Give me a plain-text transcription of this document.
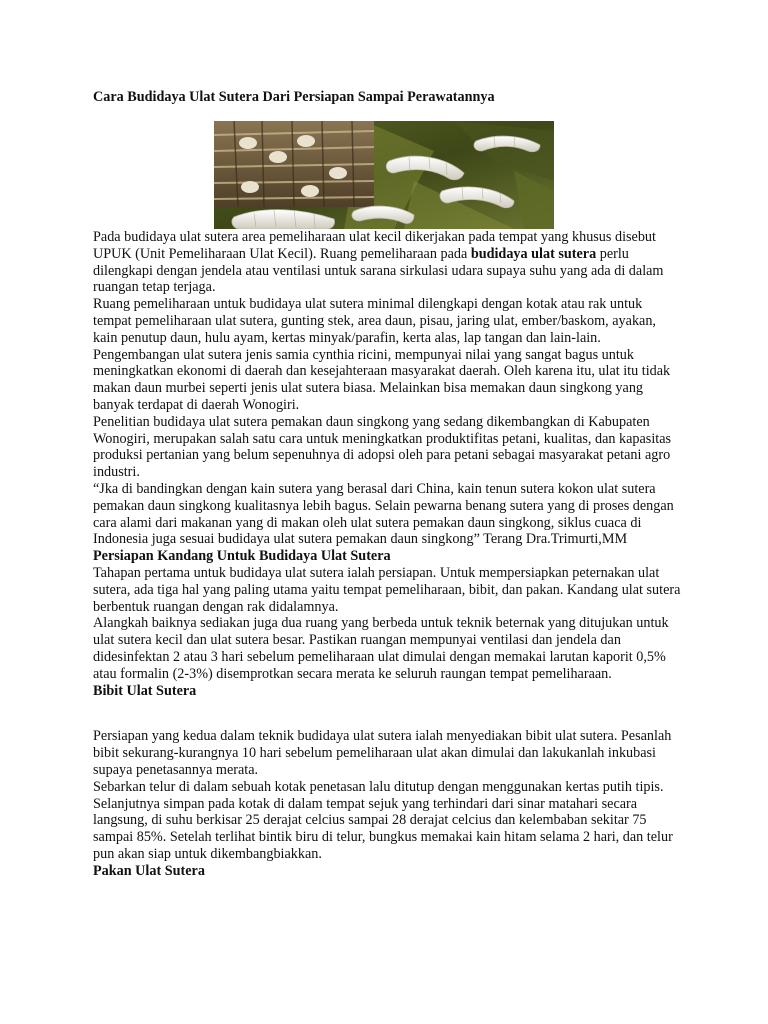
Cara Budidaya Ulat Sutera Dari Persiapan Sampai Perawatannya

Pada budidaya ulat sutera area pemeliharaan ulat kecil dikerjakan pada tempat yang khusus disebut UPUK (Unit Pemeliharaan Ulat Kecil). Ruang pemeliharaan pada budidaya ulat sutera perlu dilengkapi dengan jendela atau ventilasi untuk sarana sirkulasi udara supaya suhu yang ada di dalam ruangan tetap terjaga.

Ruang pemeliharaan untuk budidaya ulat sutera minimal dilengkapi dengan kotak atau rak untuk tempat pemeliharaan ulat sutera, gunting stek, area daun, pisau, jaring ulat, ember/baskom, ayakan, kain penutup daun, hulu ayam, kertas minyak/parafin, kerta alas, lap tangan dan lain-lain.

Pengembangan ulat sutera jenis samia cynthia ricini, mempunyai nilai yang sangat bagus untuk meningkatkan ekonomi di daerah dan kesejahteraan masyarakat daerah. Oleh karena itu, ulat itu tidak makan daun murbei seperti jenis ulat sutera biasa. Melainkan bisa memakan daun singkong yang banyak terdapat di daerah Wonogiri.

Penelitian budidaya ulat sutera pemakan daun singkong yang sedang dikembangkan di Kabupaten Wonogiri, merupakan salah satu cara untuk meningkatkan produktifitas petani, kualitas, dan kapasitas produksi pertanian yang belum sepenuhnya di adopsi oleh para petani sebagai masyarakat petani agro industri.

“Jka di bandingkan dengan kain sutera yang berasal dari China, kain tenun sutera kokon ulat sutera pemakan daun singkong kualitasnya lebih bagus. Selain pewarna benang sutera yang di proses dengan cara alami dari makanan yang di makan oleh ulat sutera pemakan daun singkong, siklus cuaca di Indonesia juga sesuai budidaya ulat sutera pemakan daun singkong” Terang Dra.Trimurti,MM

Persiapan Kandang Untuk Budidaya Ulat Sutera

Tahapan pertama untuk budidaya ulat sutera ialah persiapan. Untuk mempersiapkan peternakan ulat sutera, ada tiga hal yang paling utama yaitu tempat pemeliharaan, bibit, dan pakan. Kandang ulat sutera berbentuk ruangan dengan rak didalamnya.

Alangkah baiknya sediakan juga dua ruang yang berbeda untuk teknik beternak yang ditujukan untuk ulat sutera kecil dan ulat sutera besar. Pastikan ruangan mempunyai ventilasi dan jendela dan didesinfektan 2 atau 3 hari sebelum pemeliharaan ulat dimulai dengan memakai larutan kaporit 0,5% atau formalin (2-3%) disemprotkan secara merata ke seluruh raungan tempat pemeliharaan.

Bibit Ulat Sutera

Persiapan yang kedua dalam teknik budidaya ulat sutera ialah menyediakan bibit ulat sutera. Pesanlah bibit sekurang-kurangnya 10 hari sebelum pemeliharaan ulat akan dimulai dan lakukanlah inkubasi supaya penetasannya merata.

Sebarkan telur di dalam sebuah kotak penetasan lalu ditutup dengan menggunakan kertas putih tipis. Selanjutnya simpan pada kotak di dalam tempat sejuk yang terhindari dari sinar matahari secara langsung, di suhu berkisar 25 derajat celcius sampai 28 derajat celcius dan kelembaban sekitar 75 sampai 85%. Setelah terlihat bintik biru di telur, bungkus memakai kain hitam selama 2 hari, dan telur pun akan siap untuk dikembangbiakkan.

Pakan Ulat Sutera
